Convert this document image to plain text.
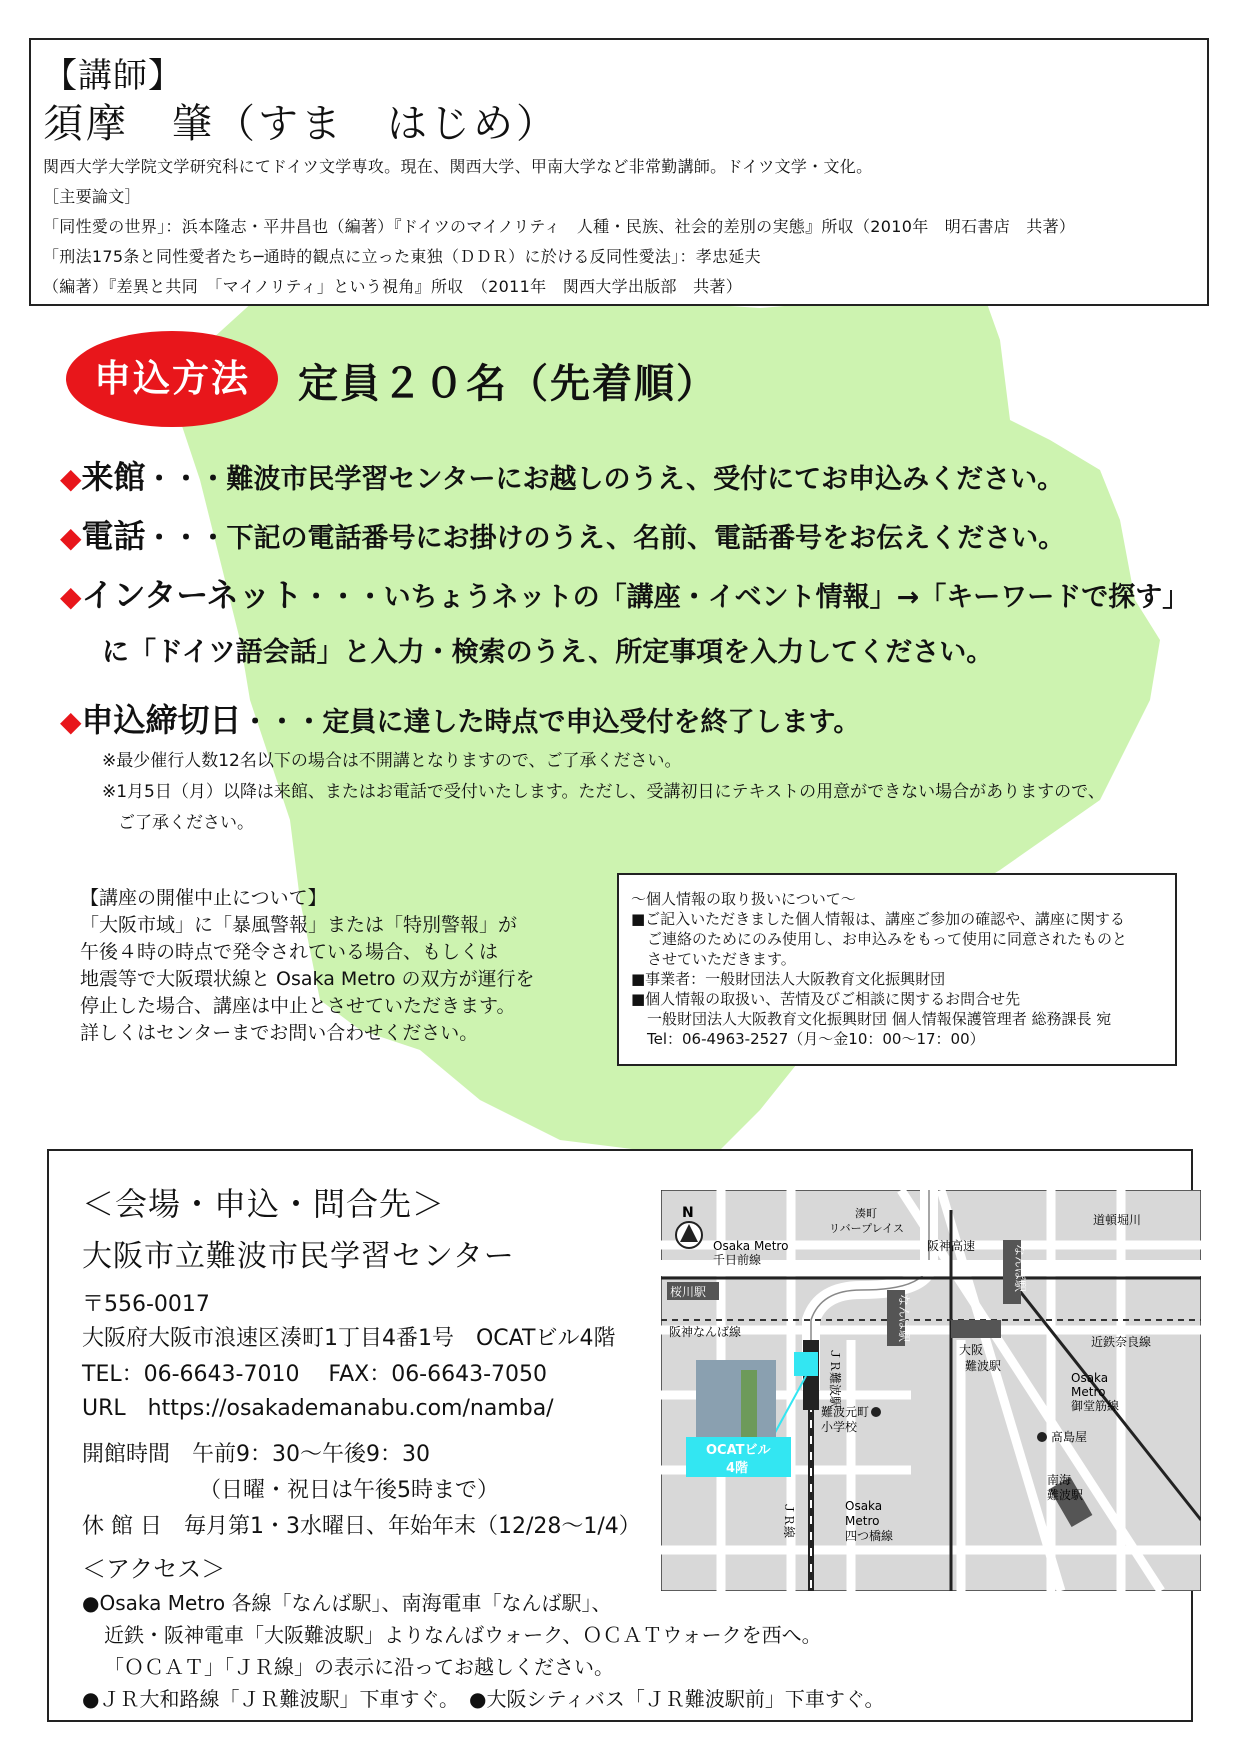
【講師】
須摩　肇（すま　はじめ）
関西大学大学院文学研究科にてドイツ文学専攻。現在、関西大学、甲南大学など非常勤講師。ドイツ文学・文化。
［主要論文］
「同性愛の世界」：浜本隆志・平井昌也（編著）『ドイツのマイノリティ　人種・民族、社会的差別の実態』所収（2010年　明石書店　共著）
「刑法175条と同性愛者たち─通時的観点に立った東独（ＤＤＲ）に於ける反同性愛法」：孝忠延夫
（編著）『差異と共同　「マイノリティ」という視角』所収　（2011年　関西大学出版部　共著）
申込方法	定員２０名（先着順）
◆来館・・・難波市民学習センターにお越しのうえ、受付にてお申込みください。
◆電話・・・下記の電話番号にお掛けのうえ、名前、電話番号をお伝えください。
◆インターネット・・・いちょうネットの「講座・イベント情報」→「キーワードで探す」
に「ドイツ語会話」と入力・検索のうえ、所定事項を入力してください。
◆申込締切日・・・定員に達した時点で申込受付を終了します。
※最少催行人数12名以下の場合は不開講となりますので、ご了承ください。
※1月5日（月）以降は来館、またはお電話で受付いたします。ただし、受講初日にテキストの用意ができない場合がありますので、
ご了承ください。
【講座の開催中止について】
「大阪市域」に「暴風警報」または「特別警報」が
午後４時の時点で発令されている場合、もしくは
地震等で大阪環状線と Osaka Metro の双方が運行を
停止した場合、講座は中止とさせていただきます。
詳しくはセンターまでお問い合わせください。
～個人情報の取り扱いについて～
■ご記入いただきました個人情報は、講座ご参加の確認や、講座に関する
ご連絡のためにのみ使用し、お申込みをもって使用に同意されたものと
させていただきます。
■事業者：一般財団法人大阪教育文化振興財団
■個人情報の取扱い、苦情及びご相談に関するお問合せ先
一般財団法人大阪教育文化振興財団 個人情報保護管理者 総務課長 宛
Tel：06-4963-2527（月～金10：00～17：00）
＜会場・申込・問合先＞
大阪市立難波市民学習センター
〒556-0017
大阪府大阪市浪速区湊町1丁目4番1号　OCATビル4階
TEL：06-6643-7010　 FAX：06-6643-7050
URL　https://osakademanabu.com/namba/
開館時間　午前9：30～午後9：30
（日曜・祝日は午後5時まで）
休 館 日　毎月第1・3水曜日、年始年末（12/28～1/4）
＜アクセス＞
●Osaka Metro 各線「なんば駅」、南海電車「なんば駅」、
近鉄・阪神電車「大阪難波駅」よりなんばウォーク、ＯＣＡＴウォークを西へ。
「ＯＣＡＴ」「ＪＲ線」の表示に沿ってお越しください。
●ＪＲ大和路線「ＪＲ難波駅」下車すぐ。　●大阪シティバス「ＪＲ難波駅前」下車すぐ。
N	湊町
リバープレイス
Osaka Metro
千日前線
阪神高速
道頓堀川
桜川駅	なんば駅
なんば駅
阪神なんば線
ＪＲ難波駅	大阪
難波駅
近鉄奈良線
Osaka
Metro
御堂筋線
OCATビル
4階
難波元町
小学校
髙島屋
南海
難波駅
ＪＲ線	Osaka
Metro
四つ橋線
